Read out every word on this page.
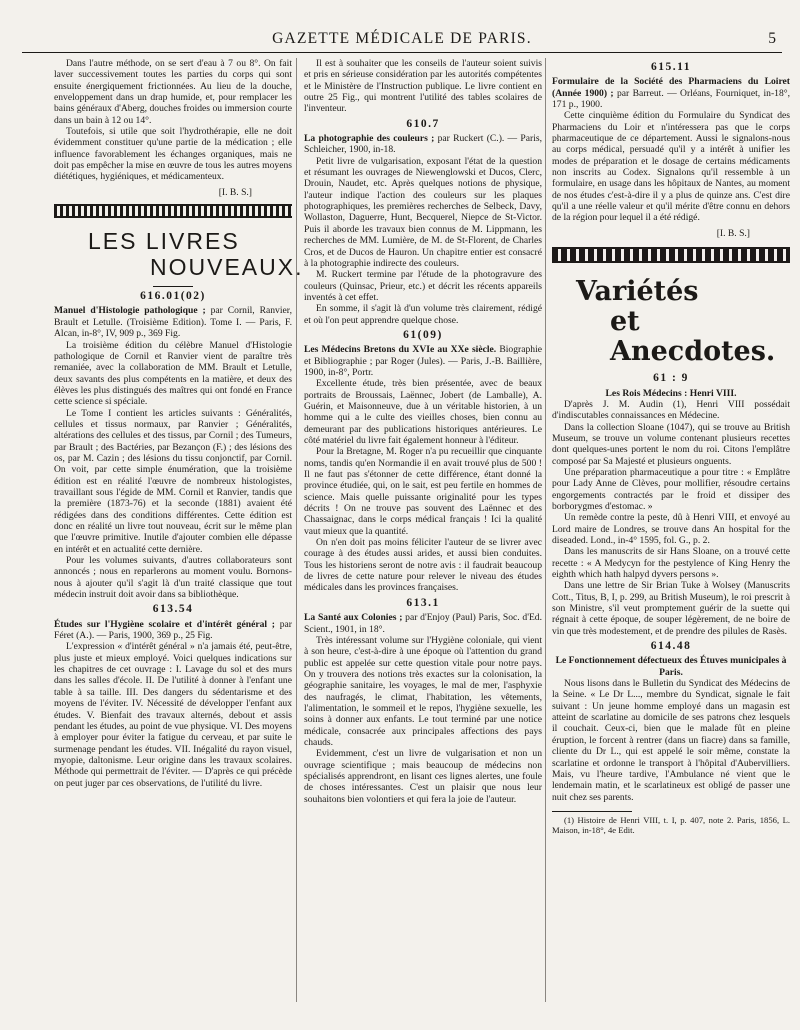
GAZETTE MÉDICALE DE PARIS.	5

Dans l'autre méthode, on se sert d'eau à 7 ou 8°. On fait laver successivement toutes les parties du corps qui sont ensuite énergiquement frictionnées. Au lieu de la douche, enveloppement dans un drap humide, et, pour remplacer les bains généraux d'Aberg, douches froides ou immersion courte dans un bain à 12 ou 14°.

Toutefois, si utile que soit l'hydrothérapie, elle ne doit évidemment constituer qu'une partie de la médication ; elle influence favorablement les échanges organiques, mais ne doit pas empêcher la mise en œuvre de tous les autres moyens diététiques, hygiéniques, et médicamenteux.

[I. B. S.]
LES LIVRES
NOUVEAUX.
616.01(02)

Manuel d'Histologie pathologique ; par Cornil, Ranvier, Brault et Letulle. (Troisième Edition). Tome I. — Paris, F. Alcan, in-8°, IV, 909 p., 369 Fig.

La troisième édition du célèbre Manuel d'Histologie pathologique de Cornil et Ranvier vient de paraître très remaniée, avec la collaboration de MM. Brault et Letulle, deux savants des plus compétents en la matière, et deux des élèves les plus distingués des maîtres qui ont fondé en France cette science si spéciale.

Le Tome I contient les articles suivants : Généralités, cellules et tissus normaux, par Ranvier ; Généralités, altérations des cellules et des tissus, par Cornil ; des Tumeurs, par Brault ; des Bactéries, par Bezançon (F.) ; des lésions des os, par M. Cazin ; des lésions du tissu conjonctif, par Cornil. On voit, par cette simple énumération, que la troisième édition est en réalité l'œuvre de nombreux histologistes, travaillant sous l'égide de MM. Cornil et Ranvier, tandis que la première (1873-76) et la seconde (1881) avaient été rédigées dans des conditions différentes. Cette édition est donc en réalité un livre tout nouveau, écrit sur le même plan que l'œuvre primitive. Inutile d'ajouter combien elle dépasse en intérêt et en actualité cette dernière.

Pour les volumes suivants, d'autres collaborateurs sont annoncés ; nous en reparlerons au moment voulu. Bornons-nous à ajouter qu'il s'agit là d'un traité classique que tout médecin instruit doit avoir dans sa bibliothèque.

613.54

Études sur l'Hygiène scolaire et d'intérêt général ; par Féret (A.). — Paris, 1900, 369 p., 25 Fig.

L'expression « d'intérêt général » n'a jamais été, peut-être, plus juste et mieux employé. Voici quelques indications sur les chapitres de cet ouvrage : I. Lavage du sol et des murs dans les salles d'école. II. De l'utilité à donner à l'enfant une table à sa taille. III. Des dangers du sédentarisme et des moyens de l'éviter. IV. Nécessité de développer l'enfant aux études. V. Bienfait des travaux alternés, debout et assis pendant les études, au point de vue physique. VI. Des moyens à employer pour éviter la fatigue du cerveau, et par suite le surmenage pendant les études. VII. Inégalité du rayon visuel, myopie, daltonisme. Leur origine dans les travaux scolaires. Méthode qui permettrait de l'éviter. — D'après ce qui précède on peut juger par ces observations, de l'utilité du livre.

Il est à souhaiter que les conseils de l'auteur soient suivis et pris en sérieuse considération par les autorités compétentes et le Ministère de l'Instruction publique. Le livre contient en outre 25 Fig., qui montrent l'utilité des tables scolaires de l'inventeur.

610.7

La photographie des couleurs ; par Ruckert (C.). — Paris, Schleicher, 1900, in-18.

Petit livre de vulgarisation, exposant l'état de la question et résumant les ouvrages de Niewenglowski et Ducos, Clerc, Drouin, Naudet, etc. Après quelques notions de physique, l'auteur indique l'action des couleurs sur les plaques photographiques, les premières recherches de Selbeck, Davy, Wollaston, Daguerre, Hunt, Becquerel, Niepce de St-Victor. Puis il aborde les travaux bien connus de M. Lippmann, les recherches de MM. Lumière, de M. de St-Florent, de Charles Cros, et de Ducos de Hauron. Un chapitre entier est consacré à la photographie indirecte des couleurs.

M. Ruckert termine par l'étude de la photogravure des couleurs (Quinsac, Prieur, etc.) et décrit les récents appareils inventés à cet effet.

En somme, il s'agit là d'un volume très clairement, rédigé et où l'on peut apprendre quelque chose.

61(09)

Les Médecins Bretons du XVIe au XXe siècle. Biographie et Bibliographie ; par Roger (Jules). — Paris, J.-B. Baillière, 1900, in-8°, Portr.

Excellente étude, très bien présentée, avec de beaux portraits de Broussais, Laënnec, Jobert (de Lamballe), A. Guérin, et Maisonneuve, due à un véritable historien, à un homme qui a le culte des vieilles choses, bien connu au demeurant par des publications historiques antérieures. Le côté matériel du livre fait également honneur à l'éditeur.

Pour la Bretagne, M. Roger n'a pu recueillir que cinquante noms, tandis qu'en Normandie il en avait trouvé plus de 500 ! Il ne faut pas s'étonner de cette différence, étant donné la province étudiée, qui, on le sait, est peu fertile en hommes de science. Mais quelle puissante originalité pour les types décrits ! On ne trouve pas souvent des Laënnec et des Chassaignac, dans le corps médical français ! Ici la qualité vaut mieux que la quantité.

On n'en doit pas moins féliciter l'auteur de se livrer avec courage à des études aussi arides, et aussi bien conduites. Tous les historiens seront de notre avis : il faudrait beaucoup de livres de cette nature pour relever le niveau des études médicales dans les provinces françaises.

613.1

La Santé aux Colonies ; par d'Enjoy (Paul) Paris, Soc. d'Ed. Scient., 1901, in 18°.

Très intéressant volume sur l'Hygiène coloniale, qui vient à son heure, c'est-à-dire à une époque où l'attention du grand public est appelée sur cette question vitale pour notre pays. On y trouvera des notions très exactes sur la colonisation, la géographie sanitaire, les voyages, le mal de mer, l'asphyxie des naufragés, le climat, l'habitation, les vêtements, l'alimentation, le sommeil et le repos, l'hygiène sexuelle, les soins à donner aux enfants. Le tout terminé par une notice médicale, consacrée aux principales affections des pays chauds.

Evidemment, c'est un livre de vulgarisation et non un ouvrage scientifique ; mais beaucoup de médecins non spécialisés apprendront, en lisant ces lignes alertes, une foule de choses intéressantes. C'est un plaisir que nous leur souhaitons bien volontiers et qui fera la joie de l'auteur.

615.11

Formulaire de la Société des Pharmaciens du Loiret (Année 1900) ; par Barreut. — Orléans, Fourniquet, in-18°, 171 p., 1900.

Cette cinquième édition du Formulaire du Syndicat des Pharmaciens du Loir et n'intéressera pas que le corps pharmaceutique de ce département. Aussi le signalons-nous au corps médical, persuadé qu'il y a intérêt à unifier les modes de préparation et le dosage de certains médicaments non inscrits au Codex. Signalons qu'il ressemble à un formulaire, en usage dans les hôpitaux de Nantes, au moment de nos études c'est-à-dire il y a plus de quinze ans. C'est dire qu'il a une réelle valeur et qu'il mérite d'être connu en dehors de la région pour lequel il a été rédigé.

[I. B. S.]
Variétés
et Anecdotes.
61 : 9

Les Rois Médecins : Henri VIII.

D'après J. M. Audin (1), Henri VIII possédait d'indiscutables connaissances en Médecine.

Dans la collection Sloane (1047), qui se trouve au British Museum, se trouve un volume contenant plusieurs recettes dont quelques-unes portent le nom du roi. Citons l'emplâtre composé par Sa Majesté et plusieurs onguents.

Une préparation pharmaceutique a pour titre : « Emplâtre pour Lady Anne de Clèves, pour mollifier, résoudre certains engorgements contractés par le froid et dissiper des borborygmes d'estomac. »

Un remède contre la peste, dû à Henri VIII, et envoyé au Lord maire de Londres, se trouve dans An hospital for the diseaded. Lond., in-4° 1595, fol. G., p. 2.

Dans les manuscrits de sir Hans Sloane, on a trouvé cette recette : « A Medycyn for the pestylence of King Henry the eighth which hath halpyd dyvers persons ».

Dans une lettre de Sir Brian Tuke à Wolsey (Manuscrits Cott., Titus, B, I, p. 299, au British Museum), le roi prescrit à son Ministre, s'il veut promptement guérir de la suette qui régnait à cette époque, de souper légèrement, de ne boire de vin que très modestement, et de prendre des pilules de Rasès.

614.48

Le Fonctionnement défectueux des Étuves municipales à Paris.

Nous lisons dans le Bulletin du Syndicat des Médecins de la Seine. « Le Dr L..., membre du Syndicat, signale le fait suivant : Un jeune homme employé dans un magasin est atteint de scarlatine au domicile de ses patrons chez lesquels il couchait. Ceux-ci, bien que le malade fût en pleine éruption, le forcent à rentrer (dans un fiacre) dans sa famille, cliente du Dr L., qui est appelé le soir même, constate la scarlatine et ordonne le transport à l'hôpital d'Aubervilliers. Mais, vu l'heure tardive, l'Ambulance né vient que le lendemain matin, et le scarlatineux est obligé de passer une nuit chez ses parents.

(1) Histoire de Henri VIII, t. I, p. 407, note 2. Paris, 1856, L. Maison, in-18°, 4e Edit.
